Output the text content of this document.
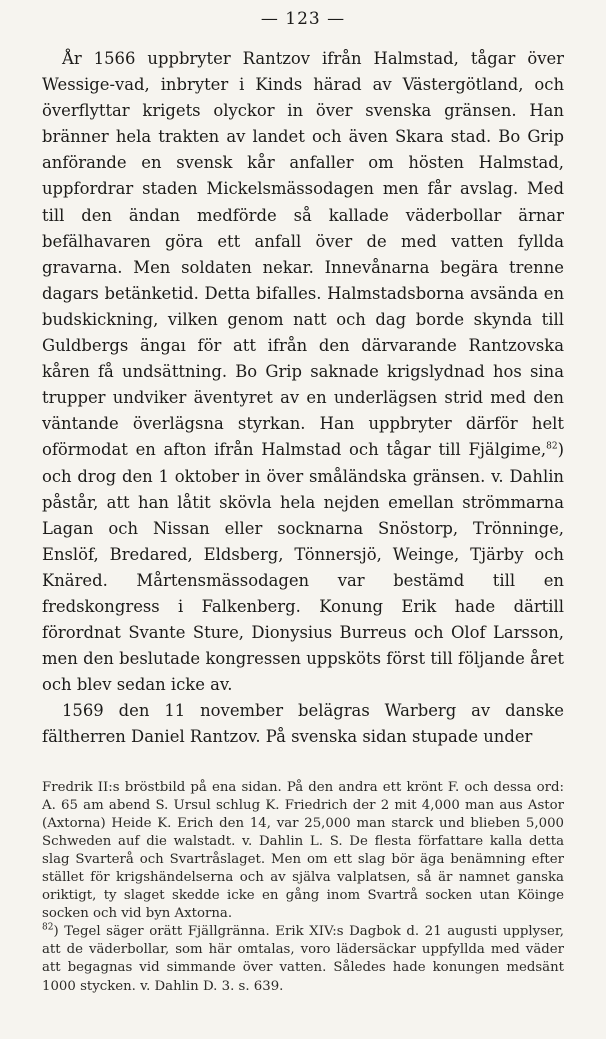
— 123 —

År 1566 uppbryter Rantzov ifrån Halmstad, tågar över Wessige-vad, inbryter i Kinds härad av Västergötland, och överflyttar krigets olyckor in över svenska gränsen. Han bränner hela trakten av landet och även Skara stad. Bo Grip anförande en svensk kår anfaller om hösten Halmstad, uppfordrar staden Mickelsmässodagen men får avslag. Med till den ändan medförde så kallade väderbollar ärnar befälhavaren göra ett anfall över de med vatten fyllda gravarna. Men soldaten nekar. Innevånarna begära trenne dagars betänketid. Detta bifalles. Halmstadsborna avsända en budskickning, vilken genom natt och dag borde skynda till Guldbergs ängaı för att ifrån den därvarande Rantzovska kåren få undsättning. Bo Grip saknade krigslydnad hos sina trupper undviker äventyret av en underlägsen strid med den väntande överlägsna styrkan. Han uppbryter därför helt oförmodat en afton ifrån Halmstad och tågar till Fjälgime,$^{82}$) och drog den 1 oktober in över småländska gränsen. v. Dahlin påstår, att han låtit skövla hela nejden emellan strömmarna Lagan och Nissan eller socknarna Snöstorp, Trönninge, Enslöf, Bredared, Eldsberg, Tönnersjö, Weinge, Tjärby och Knäred. Mårtensmässodagen var bestämd till en fredskongress i Falkenberg. Konung Erik hade därtill förordnat Svante Sture, Dionysius Burreus och Olof Larsson, men den beslutade kongressen uppsköts först till följande året och blev sedan icke av.

1569 den 11 november belägras Warberg av danske fältherren Daniel Rantzov. På svenska sidan stupade under

Fredrik II:s bröstbild på ena sidan. På den andra ett krönt F. och dessa ord: A. 65 am abend S. Ursul schlug K. Friedrich der 2 mit 4,000 man aus Astor (Axtorna) Heide K. Erich den 14, var 25,000 man starck und blieben 5,000 Schweden auf die walstadt. v. Dahlin L. S. De flesta författare kalla detta slag Svarterå och Svartråslaget. Men om ett slag bör äga benämning efter stället för krigshändelserna och av själva valplatsen, så är namnet ganska oriktigt, ty slaget skedde icke en gång inom Svartrå socken utan Köinge socken och vid byn Axtorna.

$^{82}$) Tegel säger orätt Fjällgränna. Erik XIV:s Dagbok d. 21 augusti upplyser, att de väderbollar, som här omtalas, voro lädersäckar uppfyllda med väder att begagnas vid simmande över vatten. Således hade konungen medsänt 1000 stycken. v. Dahlin D. 3. s. 639.
